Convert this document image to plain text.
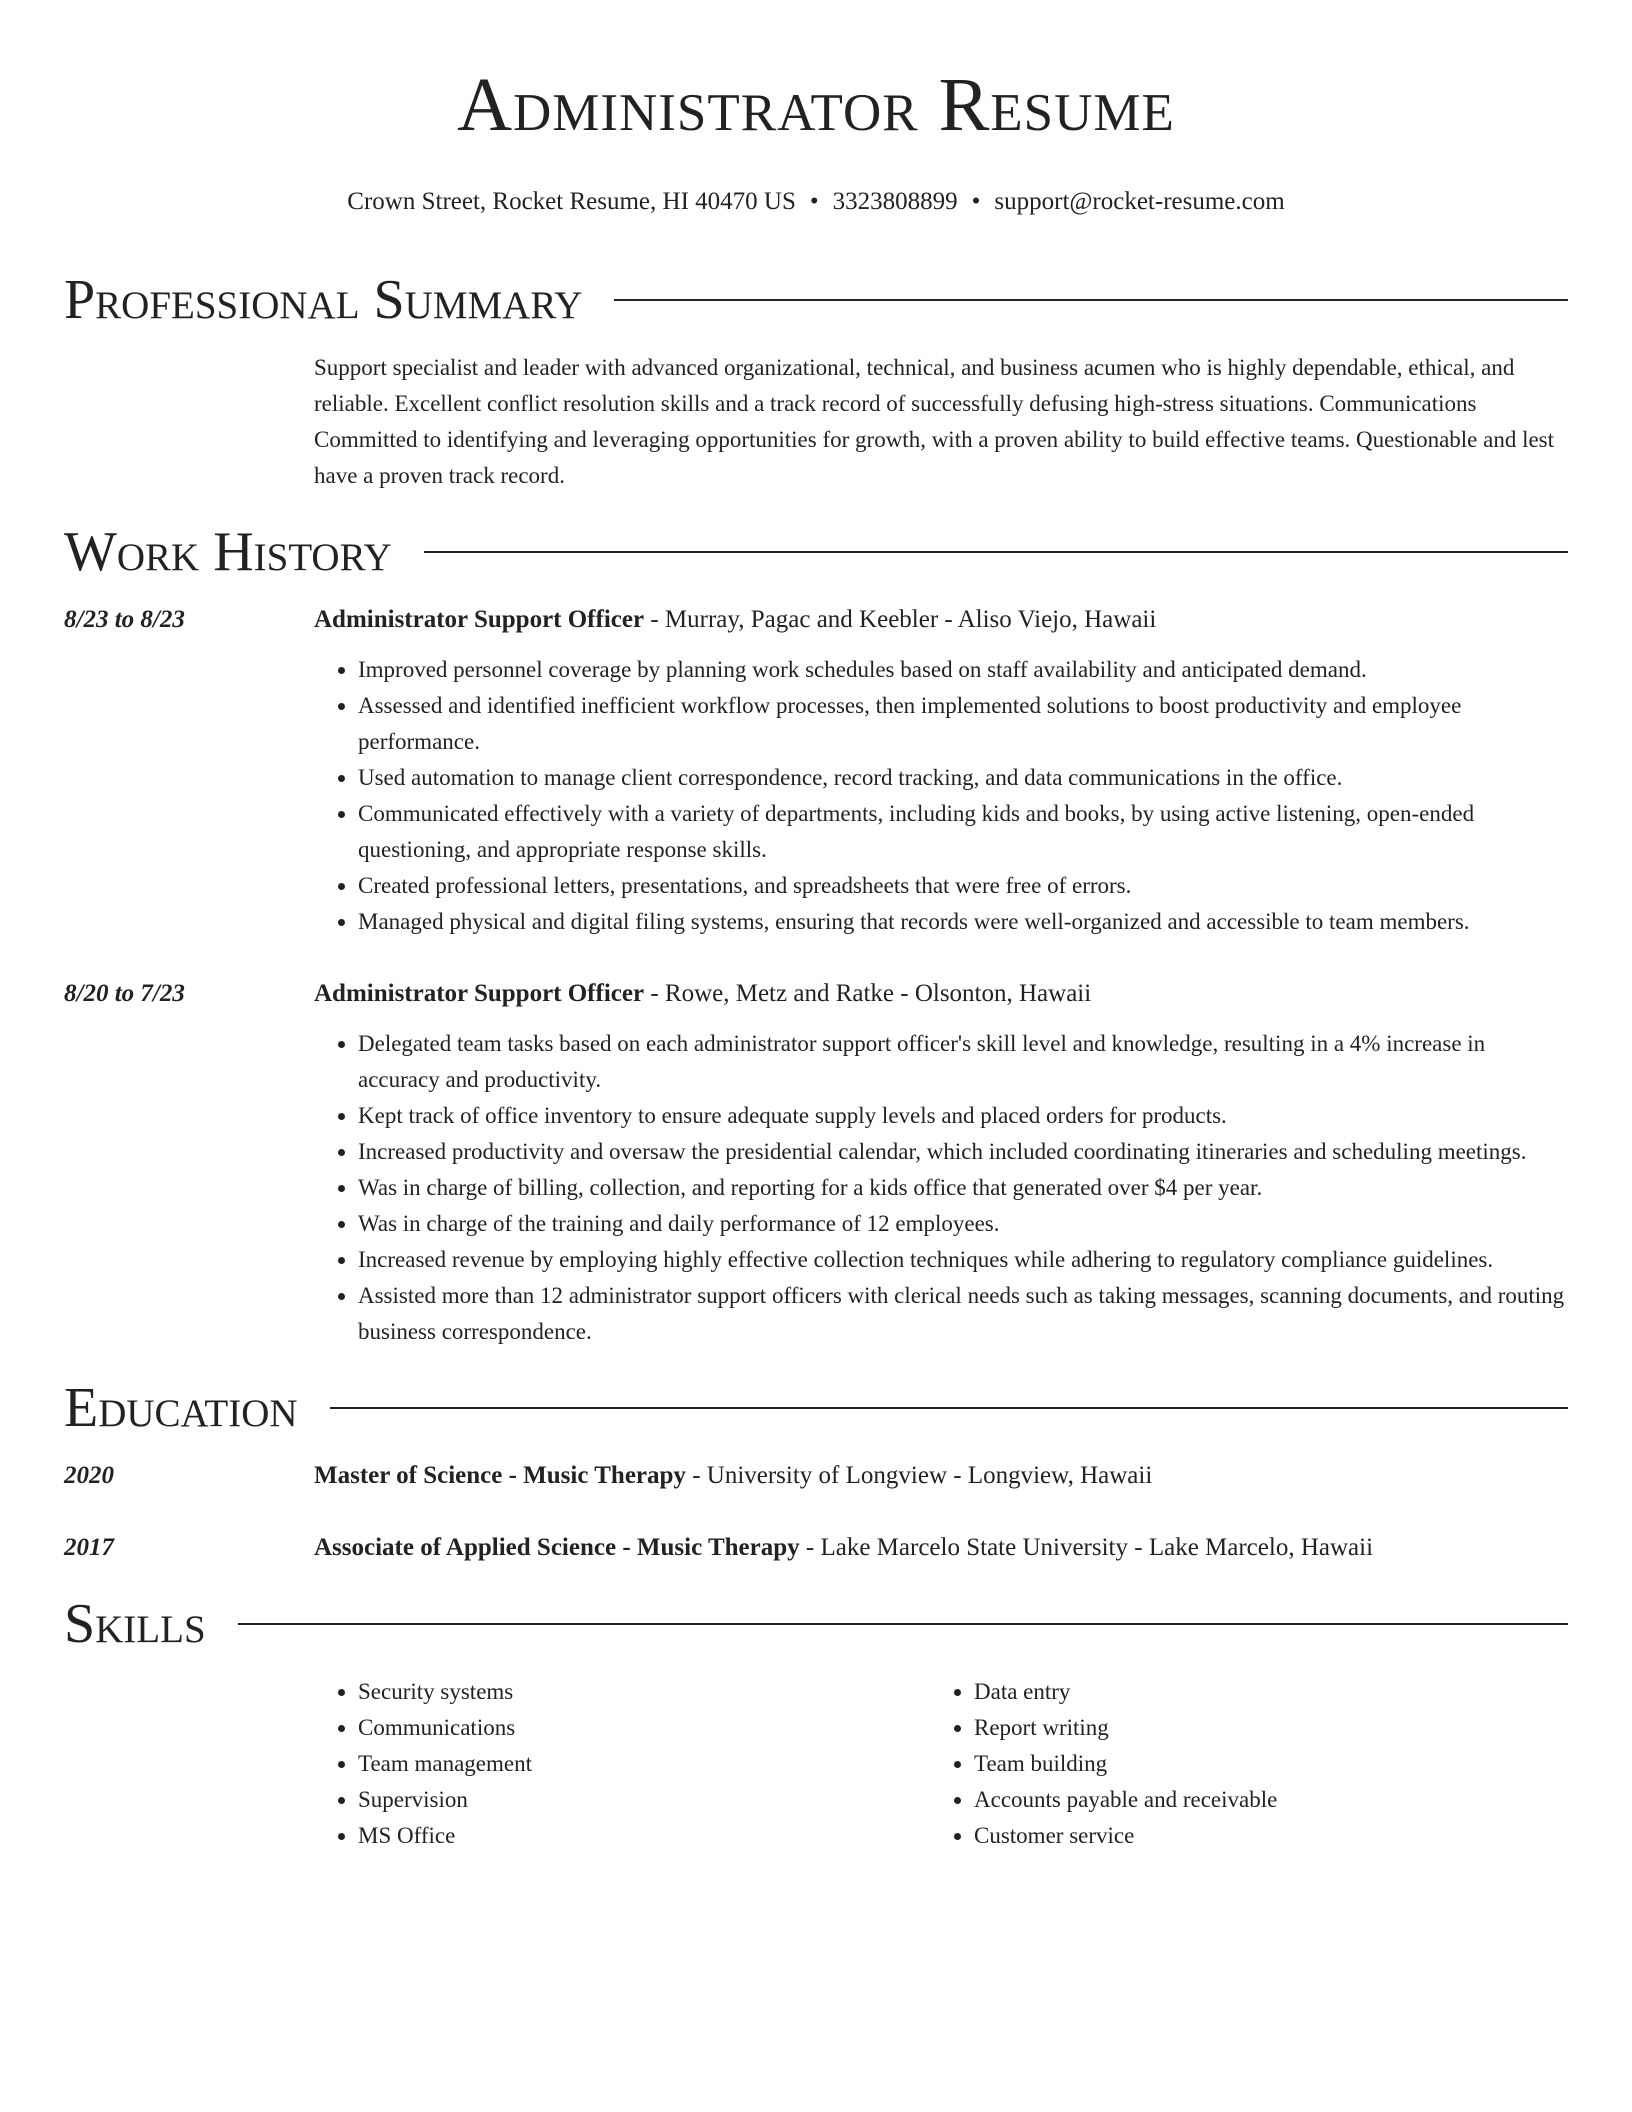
Administrator Resume
Crown Street, Rocket Resume, HI 40470 US • 3323808899 • support@rocket-resume.com
Professional Summary
Support specialist and leader with advanced organizational, technical, and business acumen who is highly dependable, ethical, and reliable. Excellent conflict resolution skills and a track record of successfully defusing high-stress situations. Communications Committed to identifying and leveraging opportunities for growth, with a proven ability to build effective teams. Questionable and lest have a proven track record.
Work History
8/23 to 8/23	Administrator Support Officer - Murray, Pagac and Keebler - Aliso Viejo, Hawaii
• Improved personnel coverage by planning work schedules based on staff availability and anticipated demand.
• Assessed and identified inefficient workflow processes, then implemented solutions to boost productivity and employee performance.
• Used automation to manage client correspondence, record tracking, and data communications in the office.
• Communicated effectively with a variety of departments, including kids and books, by using active listening, open-ended questioning, and appropriate response skills.
• Created professional letters, presentations, and spreadsheets that were free of errors.
• Managed physical and digital filing systems, ensuring that records were well-organized and accessible to team members.
8/20 to 7/23	Administrator Support Officer - Rowe, Metz and Ratke - Olsonton, Hawaii
• Delegated team tasks based on each administrator support officer's skill level and knowledge, resulting in a 4% increase in accuracy and productivity.
• Kept track of office inventory to ensure adequate supply levels and placed orders for products.
• Increased productivity and oversaw the presidential calendar, which included coordinating itineraries and scheduling meetings.
• Was in charge of billing, collection, and reporting for a kids office that generated over $4 per year.
• Was in charge of the training and daily performance of 12 employees.
• Increased revenue by employing highly effective collection techniques while adhering to regulatory compliance guidelines.
• Assisted more than 12 administrator support officers with clerical needs such as taking messages, scanning documents, and routing business correspondence.
Education
2020	Master of Science - Music Therapy - University of Longview - Longview, Hawaii
2017	Associate of Applied Science - Music Therapy - Lake Marcelo State University - Lake Marcelo, Hawaii
Skills
• Security systems
• Communications
• Team management
• Supervision
• MS Office
• Data entry
• Report writing
• Team building
• Accounts payable and receivable
• Customer service
